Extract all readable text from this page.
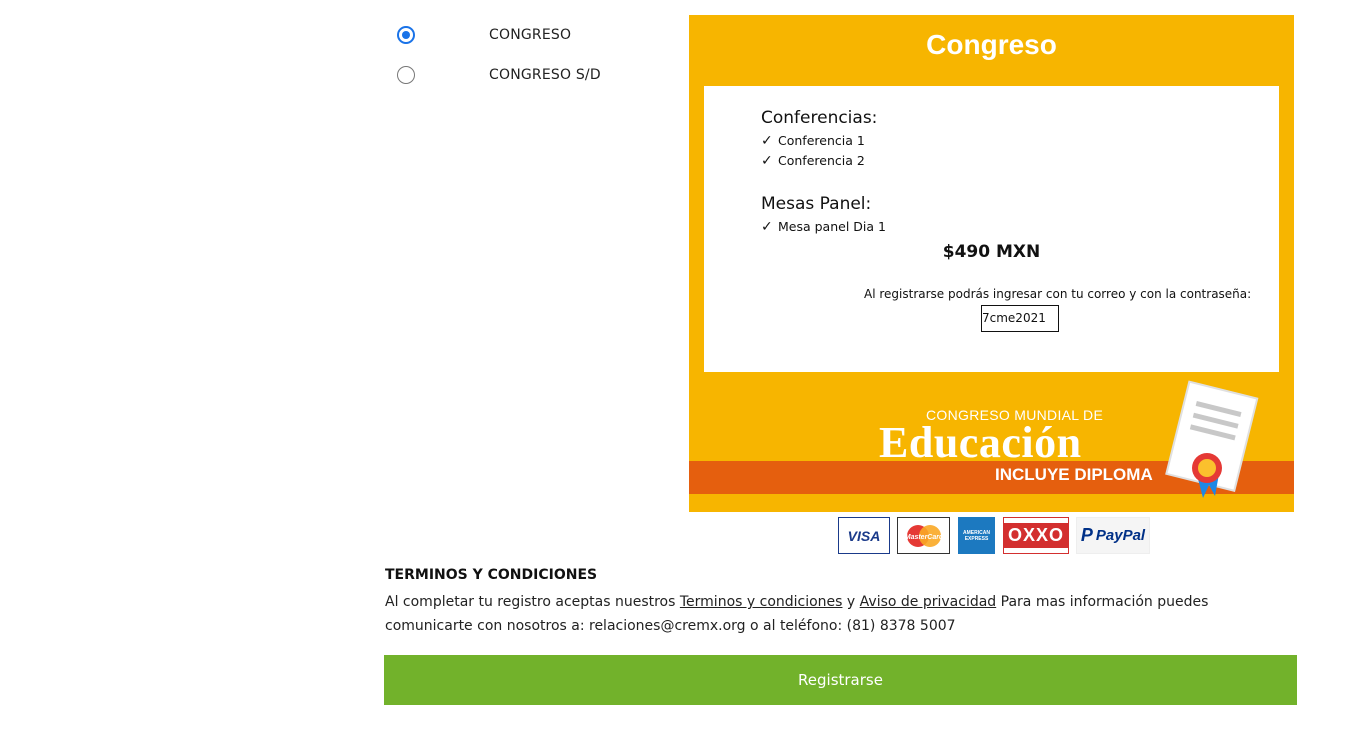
CONGRESO
CONGRESO S/D
Congreso
Conferencias:
✓ Conferencia 1
✓ Conferencia 2
Mesas Panel:
✓ Mesa panel Dia 1
$490 MXN
Al registrarse podrás ingresar con tu correo y con la contraseña:
7cme2021
CONGRESO MUNDIAL DE
Educación
INCLUYE DIPLOMA
VISA	MasterCard
AMERICAN EXPRESS OXXO P PayPal
TERMINOS Y CONDICIONES
Al completar tu registro aceptas nuestros Terminos y condiciones y Aviso de privacidad Para mas información puedes comunicarte con nosotros a: relaciones@cremx.org o al teléfono: (81) 8378 5007
Registrarse
